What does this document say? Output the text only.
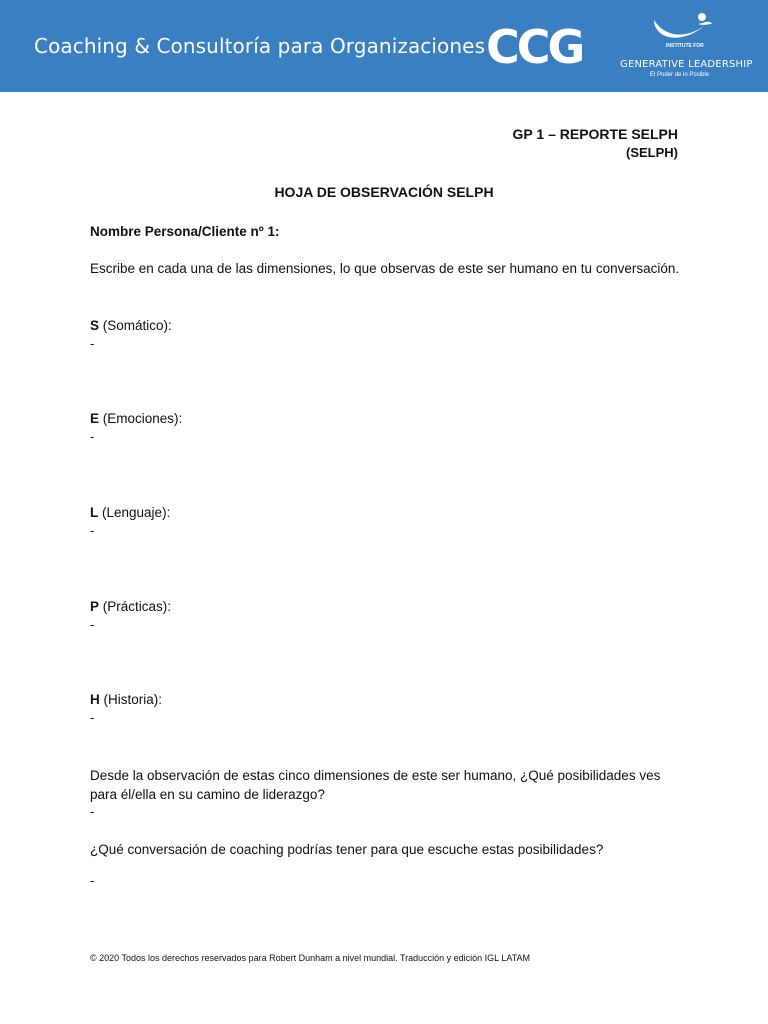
Coaching & Consultoría para Organizaciones CCG	INSTITUTE FOR
GENERATIVE LEADERSHIP
El Poder de lo Posible
GP 1 – REPORTE SELPH
(SELPH)
HOJA DE OBSERVACIÓN SELPH
Nombre Persona/Cliente nº 1:
Escribe en cada una de las dimensiones, lo que observas de este ser humano en tu conversación.
S (Somático):
-
E (Emociones):
-
L (Lenguaje):
-
P (Prácticas):
-
H (Historia):
-
Desde la observación de estas cinco dimensiones de este ser humano, ¿Qué posibilidades ves para él/ella en su camino de liderazgo?
-
¿Qué conversación de coaching podrías tener para que escuche estas posibilidades?
-
© 2020 Todos los derechos reservados para Robert Dunham a nivel mundial. Traducción y edición IGL LATAM
